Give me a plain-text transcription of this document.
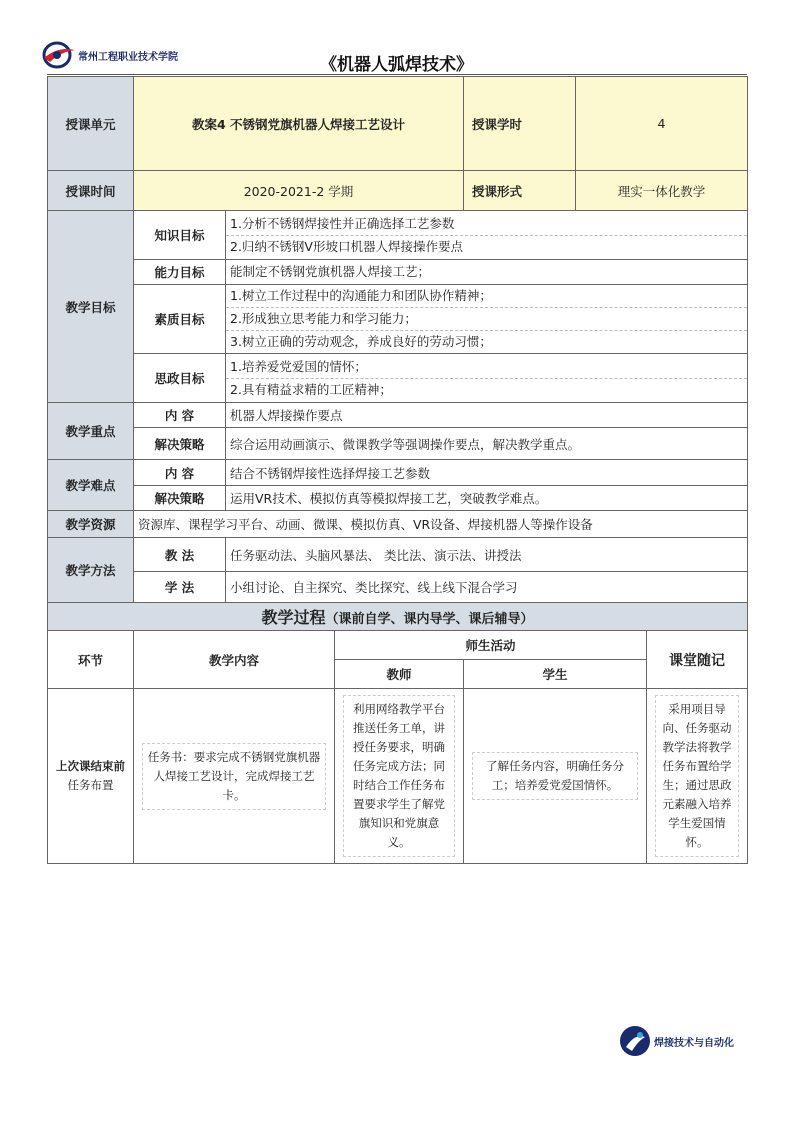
常州工程职业技术学院	《机器人弧焊技术》
授课单元	教案4 不锈钢党旗机器人焊接工艺设计			授课学时	4	
授课时间	2020-2021-2 学期			授课形式	理实一体化教学	
教学目标	知识目标	1.分析不锈钢焊接性并正确选择工艺参数
2.归纳不锈钢V形坡口机器人焊接操作要点				

	能力目标	能制定不锈钢党旗机器人焊接工艺；				

	素质目标	1.树立工作过程中的沟通能力和团队协作精神；
2.形成独立思考能力和学习能力；
3.树立正确的劳动观念，养成良好的劳动习惯；				

	思政目标	1.培养爱党爱国的情怀；
2.具有精益求精的工匠精神；				

教学重点	内 容	机器人焊接操作要点				
	解决策略	综合运用动画演示、微课教学等强调操作要点，解决教学重点。				
教学难点	内 容	结合不锈钢焊接性选择焊接工艺参数				
	解决策略	运用VR技术、模拟仿真等模拟焊接工艺，突破教学难点。				
教学资源	资源库、课程学习平台、动画、微课、模拟仿真、VR设备、焊接机器人等操作设备					
教学方法	教 法	任务驱动法、头脑风暴法、 类比法、演示法、讲授法				
	学 法	小组讨论、自主探究、类比探究、线上线下混合学习				
教学过程（课前自学、课内导学、课后辅导）						
环节	教学内容		师生活动			课堂随记
			教师	学生		

上次课结束前
任务布置	任务书：要求完成不锈钢党旗机器人焊接工艺设计，完成焊接工艺卡。		利用网络教学平台推送任务工单，讲授任务要求，明确任务完成方法；同时结合工作任务布置要求学生了解党旗知识和党旗意义。	了解任务内容，明确任务分工；培养爱党爱国情怀。		采用项目导向、任务驱动教学法将教学任务布置给学生；通过思政元素融入培养学生爱国情怀。
焊接技术与自动化
